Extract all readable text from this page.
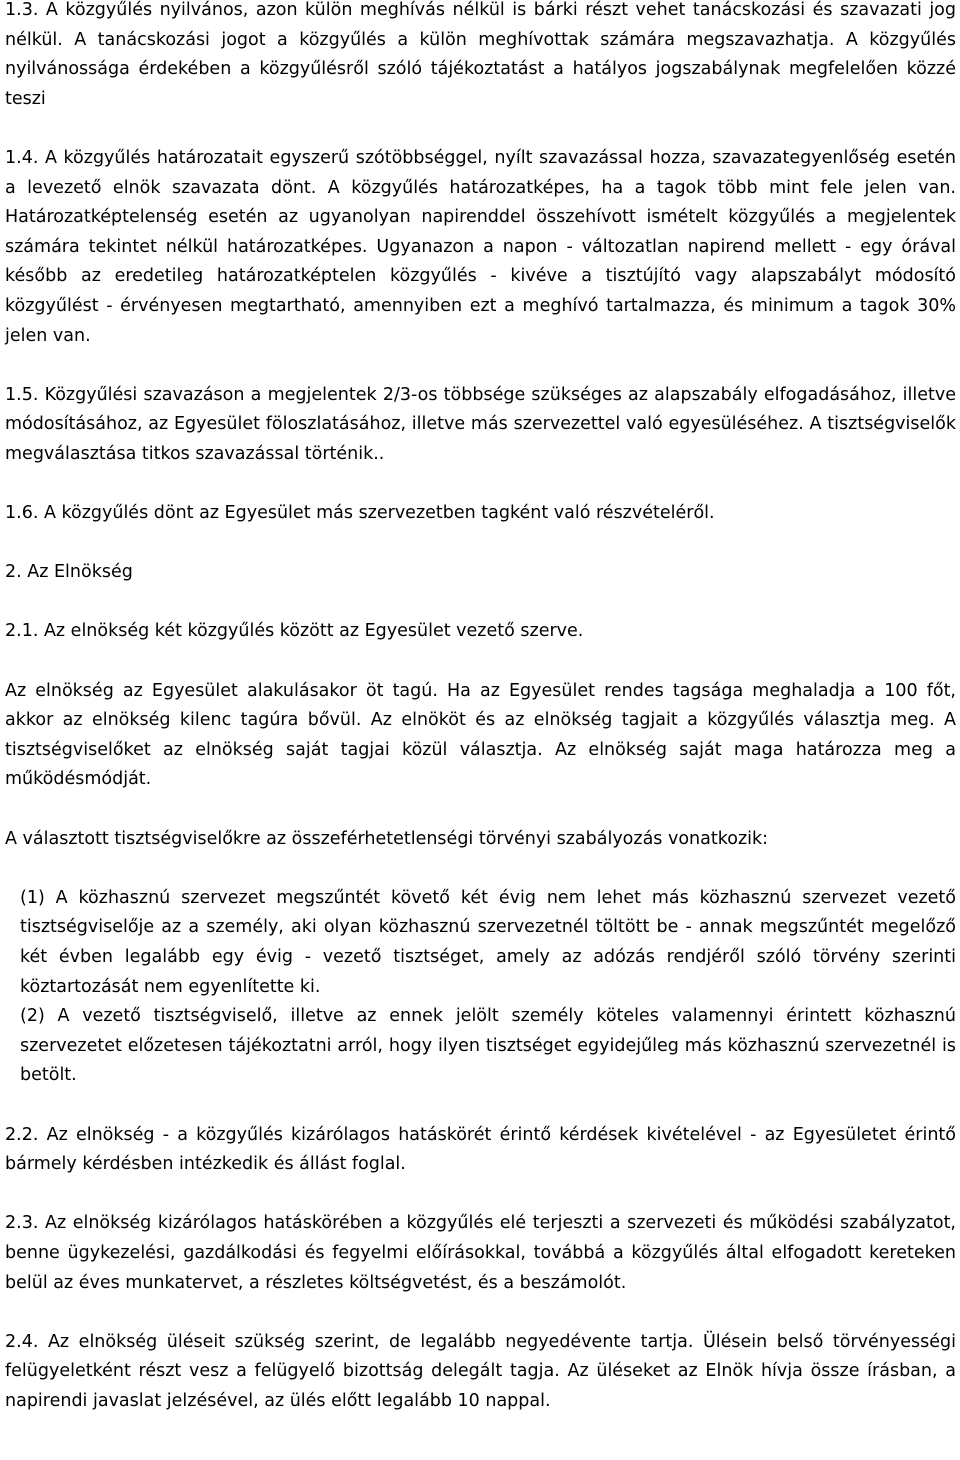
1.3. A közgyűlés nyilvános, azon külön meghívás nélkül is bárki részt vehet tanácskozási és szavazati jog nélkül. A tanácskozási jogot a közgyűlés a külön meghívottak számára megszavazhatja. A közgyűlés nyilvánossága érdekében a közgyűlésről szóló tájékoztatást a hatályos jogszabálynak megfelelően közzé teszi

1.4. A közgyűlés határozatait egyszerű szótöbbséggel, nyílt szavazással hozza, szavazategyenlőség esetén a levezető elnök szavazata dönt. A közgyűlés határozatképes, ha a tagok több mint fele jelen van. Határozatképtelenség esetén az ugyanolyan napirenddel összehívott ismételt közgyűlés a megjelentek számára tekintet nélkül határozatképes. Ugyanazon a napon - változatlan napirend mellett - egy órával később az eredetileg határozatképtelen közgyűlés - kivéve a tisztújító vagy alapszabályt módosító közgyűlést - érvényesen megtartható, amennyiben ezt a meghívó tartalmazza, és minimum a tagok 30% jelen van.

1.5. Közgyűlési szavazáson a megjelentek 2/3-os többsége szükséges az alapszabály elfogadásához, illetve módosításához, az Egyesület föloszlatásához, illetve más szervezettel való egyesüléséhez. A tisztségviselők megválasztása titkos szavazással történik..

1.6. A közgyűlés dönt az Egyesület más szervezetben tagként való részvételéről.

2. Az Elnökség

2.1. Az elnökség két közgyűlés között az Egyesület vezető szerve.

Az elnökség az Egyesület alakulásakor öt tagú. Ha az Egyesület rendes tagsága meghaladja a 100 főt, akkor az elnökség kilenc tagúra bővül. Az elnököt és az elnökség tagjait a közgyűlés választja meg. A tisztségviselőket az elnökség saját tagjai közül választja. Az elnökség saját maga határozza meg a működésmódját.

A választott tisztségviselőkre az összeférhetetlenségi törvényi szabályozás vonatkozik:

(1) A közhasznú szervezet megszűntét követő két évig nem lehet más közhasznú szervezet vezető tisztségviselője az a személy, aki olyan közhasznú szervezetnél töltött be - annak megszűntét megelőző két évben legalább egy évig - vezető tisztséget, amely az adózás rendjéről szóló törvény szerinti köztartozását nem egyenlítette ki.

(2) A vezető tisztségviselő, illetve az ennek jelölt személy köteles valamennyi érintett közhasznú szervezetet előzetesen tájékoztatni arról, hogy ilyen tisztséget egyidejűleg más közhasznú szervezetnél is betölt.

2.2. Az elnökség - a közgyűlés kizárólagos hatáskörét érintő kérdések kivételével - az Egyesületet érintő bármely kérdésben intézkedik és állást foglal.

2.3. Az elnökség kizárólagos hatáskörében a közgyűlés elé terjeszti a szervezeti és működési szabályzatot, benne ügykezelési, gazdálkodási és fegyelmi előírásokkal, továbbá a közgyűlés által elfogadott kereteken belül az éves munkatervet, a részletes költségvetést, és a beszámolót.

2.4. Az elnökség üléseit szükség szerint, de legalább negyedévente tartja. Ülésein belső törvényességi felügyeletként részt vesz a felügyelő bizottság delegált tagja. Az üléseket az Elnök hívja össze írásban, a napirendi javaslat jelzésével, az ülés előtt legalább 10 nappal.
